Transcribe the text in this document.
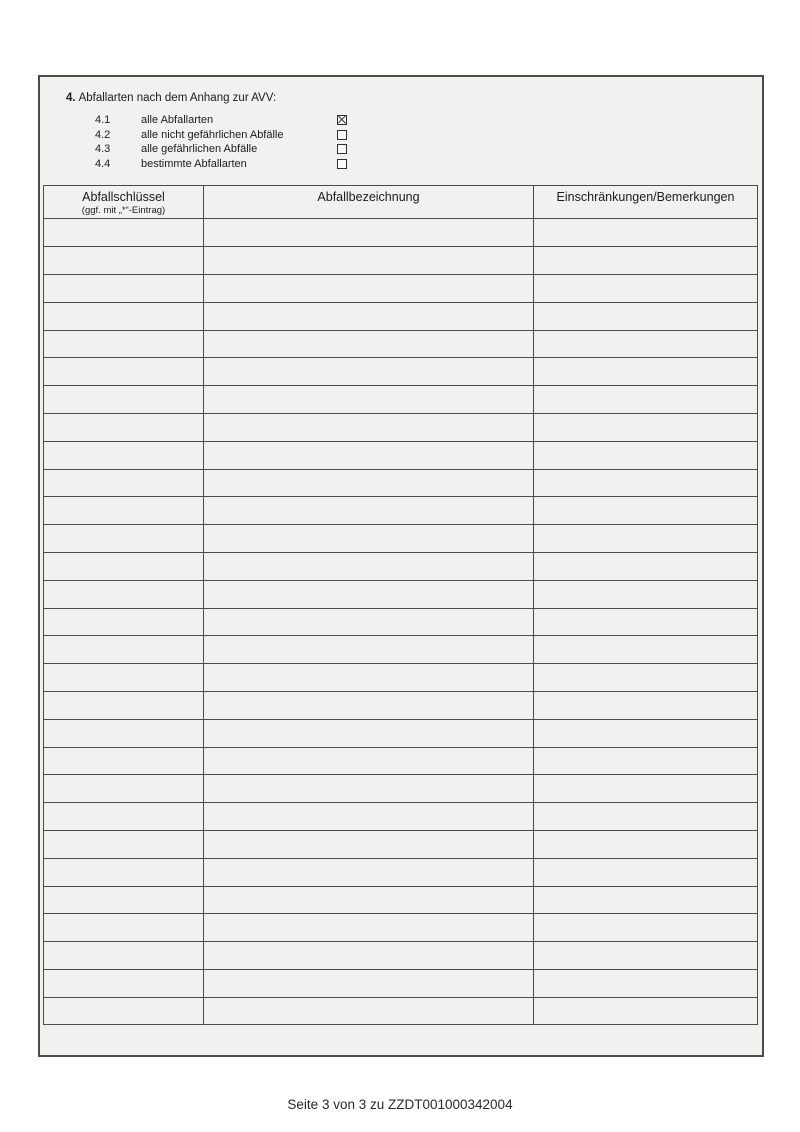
4. Abfallarten nach dem Anhang zur AVV:
4.1	alle Abfallarten
4.2	alle nicht gefährlichen Abfälle
4.3	alle gefährlichen Abfälle
4.4	bestimmte Abfallarten
Abfallschlüssel
(ggf. mit „*“-Eintrag)	Abfallbezeichnung	Einschränkungen/Bemerkungen

Seite 3 von 3 zu ZZDT001000342004
